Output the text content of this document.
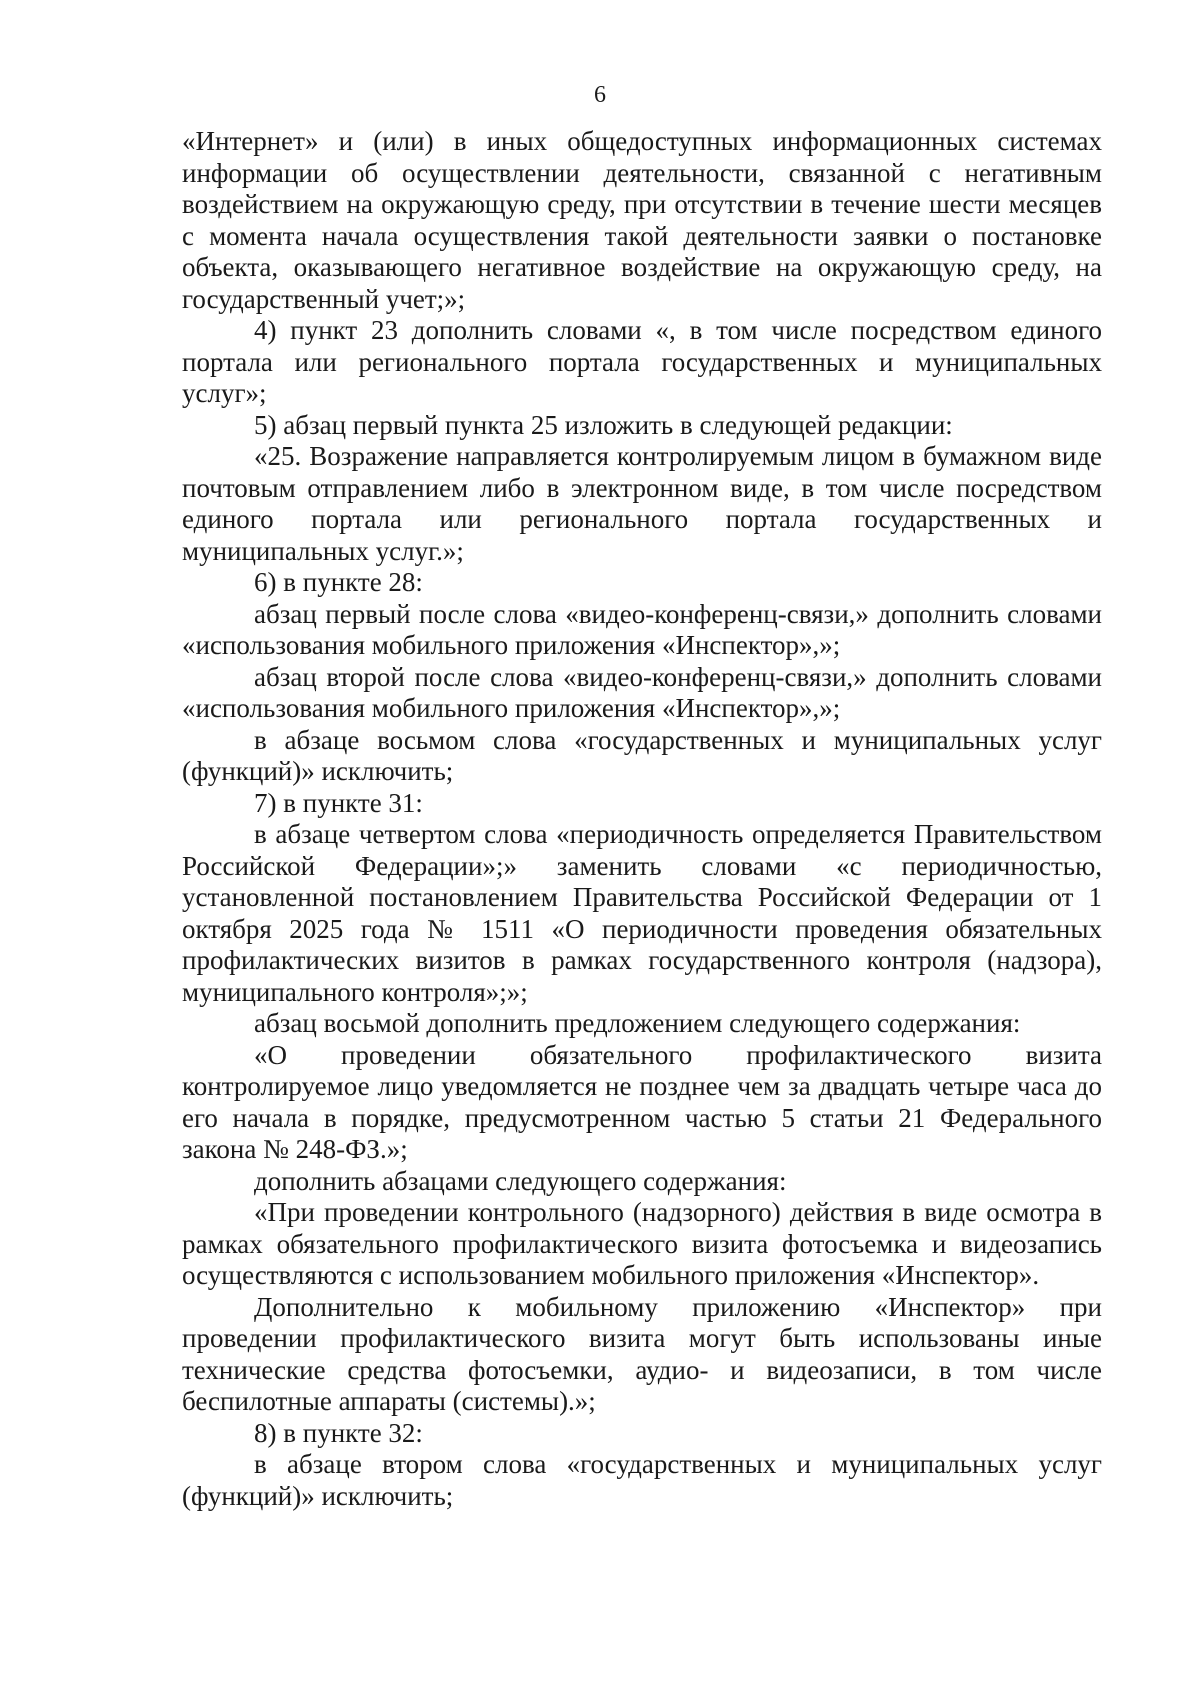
6

«Интернет» и (или) в иных общедоступных информационных системах информации об осуществлении деятельности, связанной с негативным воздействием на окружающую среду, при отсутствии в течение шести месяцев с момента начала осуществления такой деятельности заявки о постановке объекта, оказывающего негативное воздействие на окружающую среду, на государственный учет;»;

4) пункт 23 дополнить словами «, в том числе посредством единого портала или регионального портала государственных и муниципальных услуг»;

5) абзац первый пункта 25 изложить в следующей редакции:

«25. Возражение направляется контролируемым лицом в бумажном виде почтовым отправлением либо в электронном виде, в том числе посредством единого портала или регионального портала государственных и муниципальных услуг.»;

6) в пункте 28:

абзац первый после слова «видео-конференц-связи,» дополнить словами «использования мобильного приложения «Инспектор»,»;

абзац второй после слова «видео-конференц-связи,» дополнить словами «использования мобильного приложения «Инспектор»,»;

в абзаце восьмом слова «государственных и муниципальных услуг (функций)» исключить;

7) в пункте 31:

в абзаце четвертом слова «периодичность определяется Правительством Российской Федерации»;» заменить словами «с периодичностью, установленной постановлением Правительства Российской Федерации от 1 октября 2025 года № 1511 «О периодичности проведения обязательных профилактических визитов в рамках государственного контроля (надзора), муниципального контроля»;»;

абзац восьмой дополнить предложением следующего содержания:

«О проведении обязательного профилактического визита контролируемое лицо уведомляется не позднее чем за двадцать четыре часа до его начала в порядке, предусмотренном частью 5 статьи 21 Федерального закона № 248-ФЗ.»;

дополнить абзацами следующего содержания:

«При проведении контрольного (надзорного) действия в виде осмотра в рамках обязательного профилактического визита фотосъемка и видеозапись осуществляются с использованием мобильного приложения «Инспектор».

Дополнительно к мобильному приложению «Инспектор» при проведении профилактического визита могут быть использованы иные технические средства фотосъемки, аудио- и видеозаписи, в том числе беспилотные аппараты (системы).»;

8) в пункте 32:

в абзаце втором слова «государственных и муниципальных услуг (функций)» исключить;
